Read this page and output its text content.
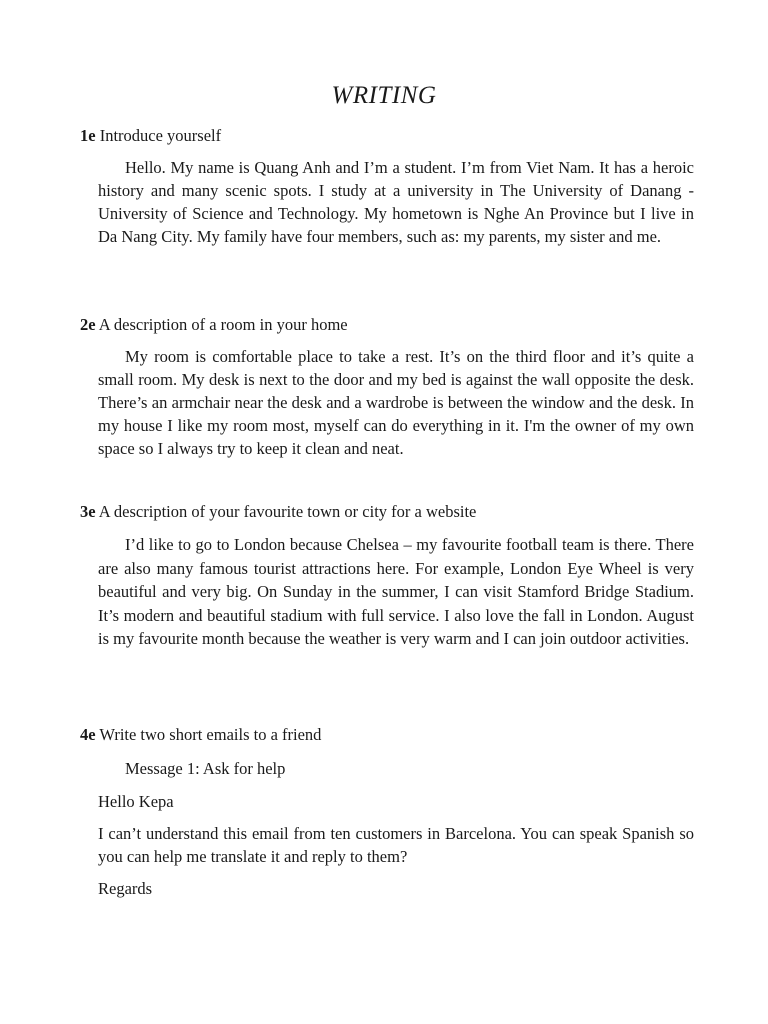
WRITING
1e Introduce yourself

Hello. My name is Quang Anh and I’m a student. I’m from Viet Nam. It has a heroic history and many scenic spots. I study at a university in The University of Danang - University of Science and Technology. My hometown is Nghe An Province but I live in Da Nang City. My family have four members, such as: my parents, my sister and me.

2e A description of a room in your home

My room is comfortable place to take a rest. It’s on the third floor and it’s quite a small room. My desk is next to the door and my bed is against the wall opposite the desk. There’s an armchair near the desk and a wardrobe is between the window and the desk. In my house I like my room most, myself can do everything in it. I'm the owner of my own space so I always try to keep it clean and neat.

3e A description of your favourite town or city for a website

I’d like to go to London because Chelsea – my favourite football team is there. There are also many famous tourist attractions here. For example, London Eye Wheel is very beautiful and very big. On Sunday in the summer, I can visit Stamford Bridge Stadium. It’s modern and beautiful stadium with full service. I also love the fall in London. August is my favourite month because the weather is very warm and I can join outdoor activities.

4e Write two short emails to a friend
Message 1: Ask for help
Hello Kepa

I can’t understand this email from ten customers in Barcelona. You can speak Spanish so you can help me translate it and reply to them?

Regards
